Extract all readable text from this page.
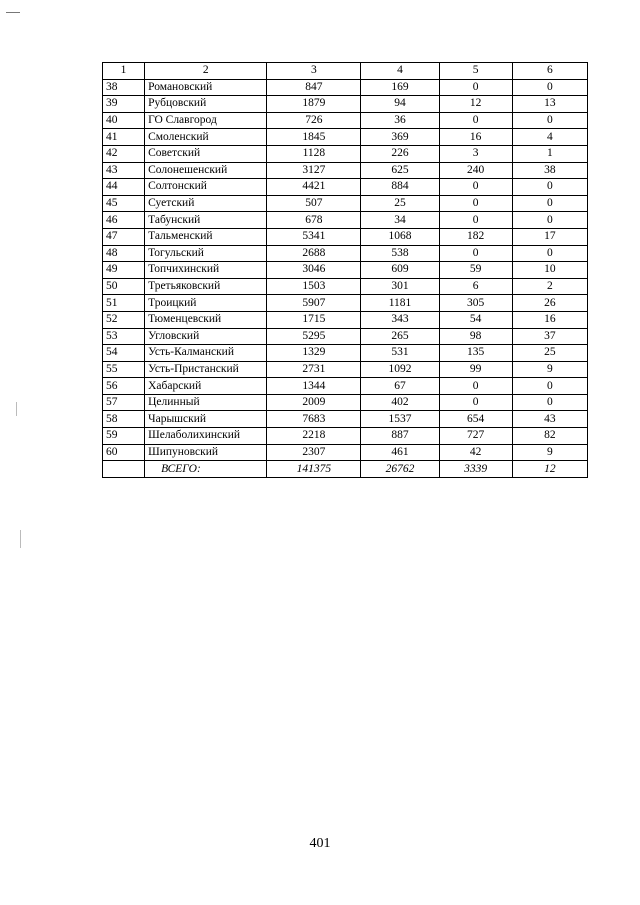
1	2	3	4	5	6
38	Романовский	847	169	0	0
39	Рубцовский	1879	94	12	13
40	ГО Славгород	726	36	0	0
41	Смоленский	1845	369	16	4
42	Советский	1128	226	3	1
43	Солонешенский	3127	625	240	38
44	Солтонский	4421	884	0	0
45	Суетский	507	25	0	0
46	Табунский	678	34	0	0
47	Тальменский	5341	1068	182	17
48	Тогульский	2688	538	0	0
49	Топчихинский	3046	609	59	10
50	Третьяковский	1503	301	6	2
51	Троицкий	5907	1181	305	26
52	Тюменцевский	1715	343	54	16
53	Угловский	5295	265	98	37
54	Усть-Калманский	1329	531	135	25
55	Усть-Пристанский	2731	1092	99	9
56	Хабарский	1344	67	0	0
57	Целинный	2009	402	0	0
58	Чарышский	7683	1537	654	43
59	Шелаболихинский	2218	887	727	82
60	Шипуновский	2307	461	42	9
	ВСЕГО:	141375	26762	3339	12
401
